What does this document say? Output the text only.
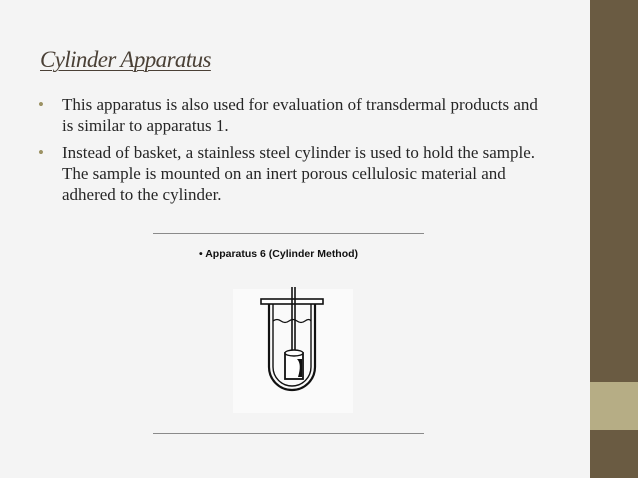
Cylinder Apparatus
• This apparatus is also used for evaluation of transdermal products and is similar to apparatus 1.
• Instead of basket, a stainless steel cylinder is used to hold the sample. The sample is mounted on an inert porous cellulosic material and adhered to the cylinder.
• Apparatus 6 (Cylinder Method)
